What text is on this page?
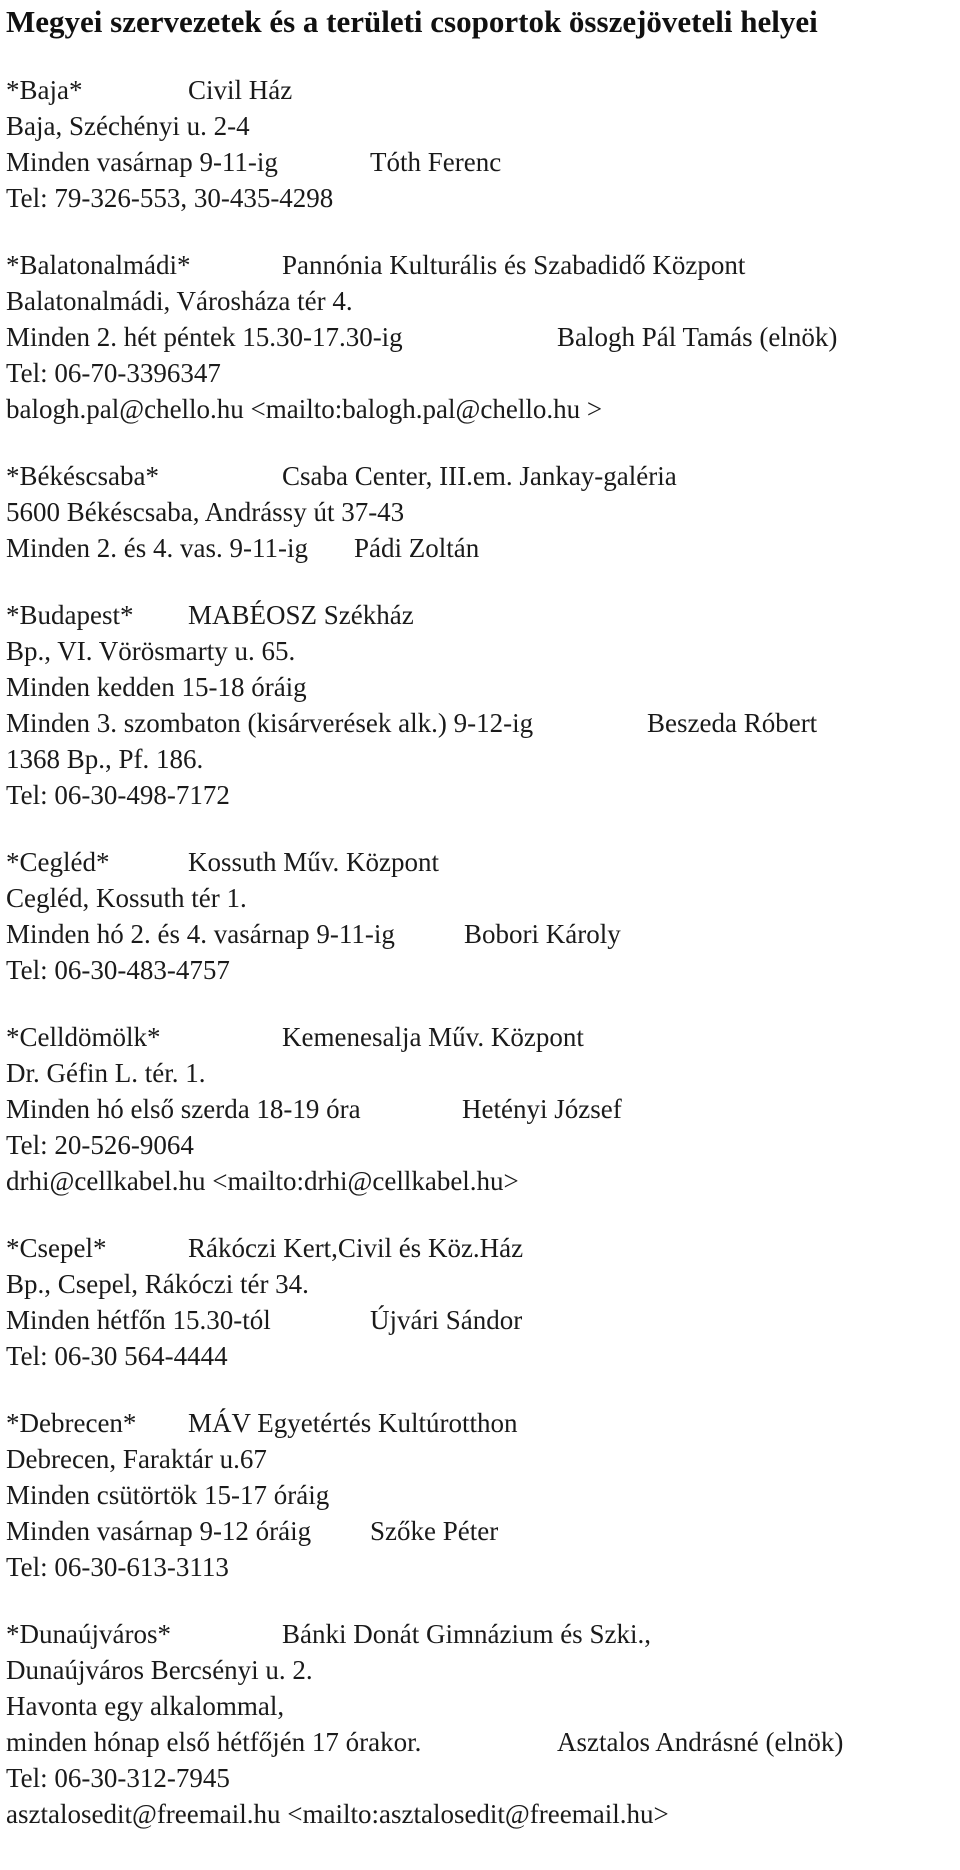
Megyei szervezetek és a területi csoportok összejöveteli helyei
*Baja*	Civil Ház
Baja, Széchényi u. 2-4
Minden vasárnap 9-11-ig	Tóth Ferenc
Tel: 79-326-553, 30-435-4298
*Balatonalmádi*	Pannónia Kulturális és Szabadidő Központ
Balatonalmádi, Városháza tér 4.
Minden 2. hét péntek 15.30-17.30-ig	Balogh Pál Tamás (elnök)
Tel: 06-70-3396347
balogh.pal@chello.hu <mailto:balogh.pal@chello.hu >
*Békéscsaba*	Csaba Center, III.em. Jankay-galéria
5600 Békéscsaba, Andrássy út 37-43
Minden 2. és 4. vas. 9-11-ig	Pádi Zoltán
*Budapest*	MABÉOSZ Székház
Bp., VI. Vörösmarty u. 65.
Minden kedden 15-18 óráig
Minden 3. szombaton (kisárverések alk.) 9-12-ig	Beszeda Róbert
1368 Bp., Pf. 186.
Tel: 06-30-498-7172
*Cegléd*	Kossuth Műv. Központ
Cegléd, Kossuth tér 1.
Minden hó 2. és 4. vasárnap 9-11-ig	Bobori Károly
Tel: 06-30-483-4757
*Celldömölk*	Kemenesalja Műv. Központ
Dr. Géfin L. tér. 1.
Minden hó első szerda 18-19 óra	Hetényi József
Tel: 20-526-9064
drhi@cellkabel.hu <mailto:drhi@cellkabel.hu>
*Csepel*	Rákóczi Kert,Civil és Köz.Ház
Bp., Csepel, Rákóczi tér 34.
Minden hétfőn 15.30-tól	Újvári Sándor
Tel: 06-30 564-4444
*Debrecen*	MÁV Egyetértés Kultúrotthon
Debrecen, Faraktár u.67
Minden csütörtök 15-17 óráig
Minden vasárnap 9-12 óráig	Szőke Péter
Tel: 06-30-613-3113
*Dunaújváros*	Bánki Donát Gimnázium és Szki.,
Dunaújváros Bercsényi u. 2.
Havonta egy alkalommal,
minden hónap első hétfőjén 17 órakor.	Asztalos Andrásné (elnök)
Tel: 06-30-312-7945
asztalosedit@freemail.hu <mailto:asztalosedit@freemail.hu>
